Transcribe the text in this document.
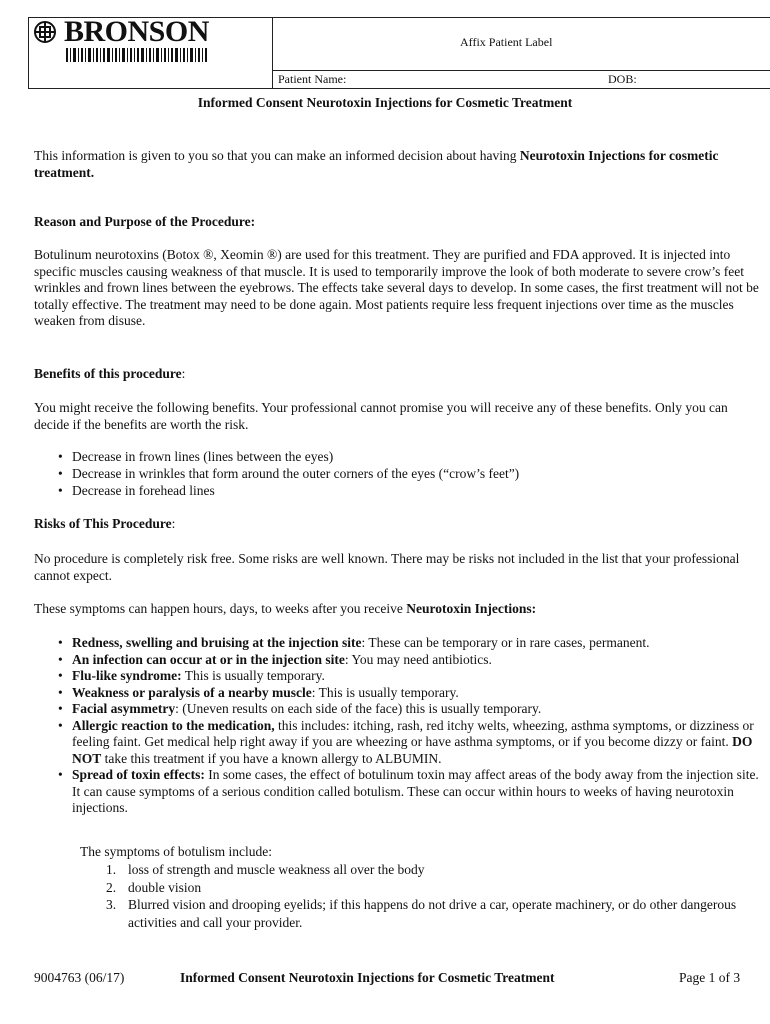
BRONSON	Affix Patient Label
Patient Name:	DOB:
Informed Consent Neurotoxin Injections for Cosmetic Treatment

This information is given to you so that you can make an informed decision about having Neurotoxin Injections for cosmetic treatment.

Reason and Purpose of the Procedure:

Botulinum neurotoxins (Botox ®, Xeomin ®) are used for this treatment. They are purified and FDA approved. It is injected into specific muscles causing weakness of that muscle. It is used to temporarily improve the look of both moderate to severe crow’s feet wrinkles and frown lines between the eyebrows. The effects take several days to develop. In some cases, the first treatment will not be totally effective. The treatment may need to be done again. Most patients require less frequent injections over time as the muscles weaken from disuse.

Benefits of this procedure:

You might receive the following benefits. Your professional cannot promise you will receive any of these benefits. Only you can decide if the benefits are worth the risk.

• Decrease in frown lines (lines between the eyes)
• Decrease in wrinkles that form around the outer corners of the eyes (“crow’s feet”)
• Decrease in forehead lines
Risks of This Procedure:

No procedure is completely risk free. Some risks are well known. There may be risks not included in the list that your professional cannot expect.

These symptoms can happen hours, days, to weeks after you receive Neurotoxin Injections:

• Redness, swelling and bruising at the injection site: These can be temporary or in rare cases, permanent.
• An infection can occur at or in the injection site: You may need antibiotics.
• Flu-like syndrome: This is usually temporary.
• Weakness or paralysis of a nearby muscle: This is usually temporary.
• Facial asymmetry: (Uneven results on each side of the face) this is usually temporary.
• Allergic reaction to the medication, this includes: itching, rash, red itchy welts, wheezing, asthma symptoms, or dizziness or feeling faint. Get medical help right away if you are wheezing or have asthma symptoms, or if you become dizzy or faint. DO NOT take this treatment if you have a known allergy to ALBUMIN.
• Spread of toxin effects: In some cases, the effect of botulinum toxin may affect areas of the body away from the injection site. It can cause symptoms of a serious condition called botulism. These can occur within hours to weeks of having neurotoxin injections.
The symptoms of botulism include:
1. loss of strength and muscle weakness all over the body
2. double vision
3. Blurred vision and drooping eyelids; if this happens do not drive a car, operate machinery, or do other dangerous activities and call your provider.
9004763 (06/17)	Informed Consent Neurotoxin Injections for Cosmetic Treatment	Page 1 of 3
